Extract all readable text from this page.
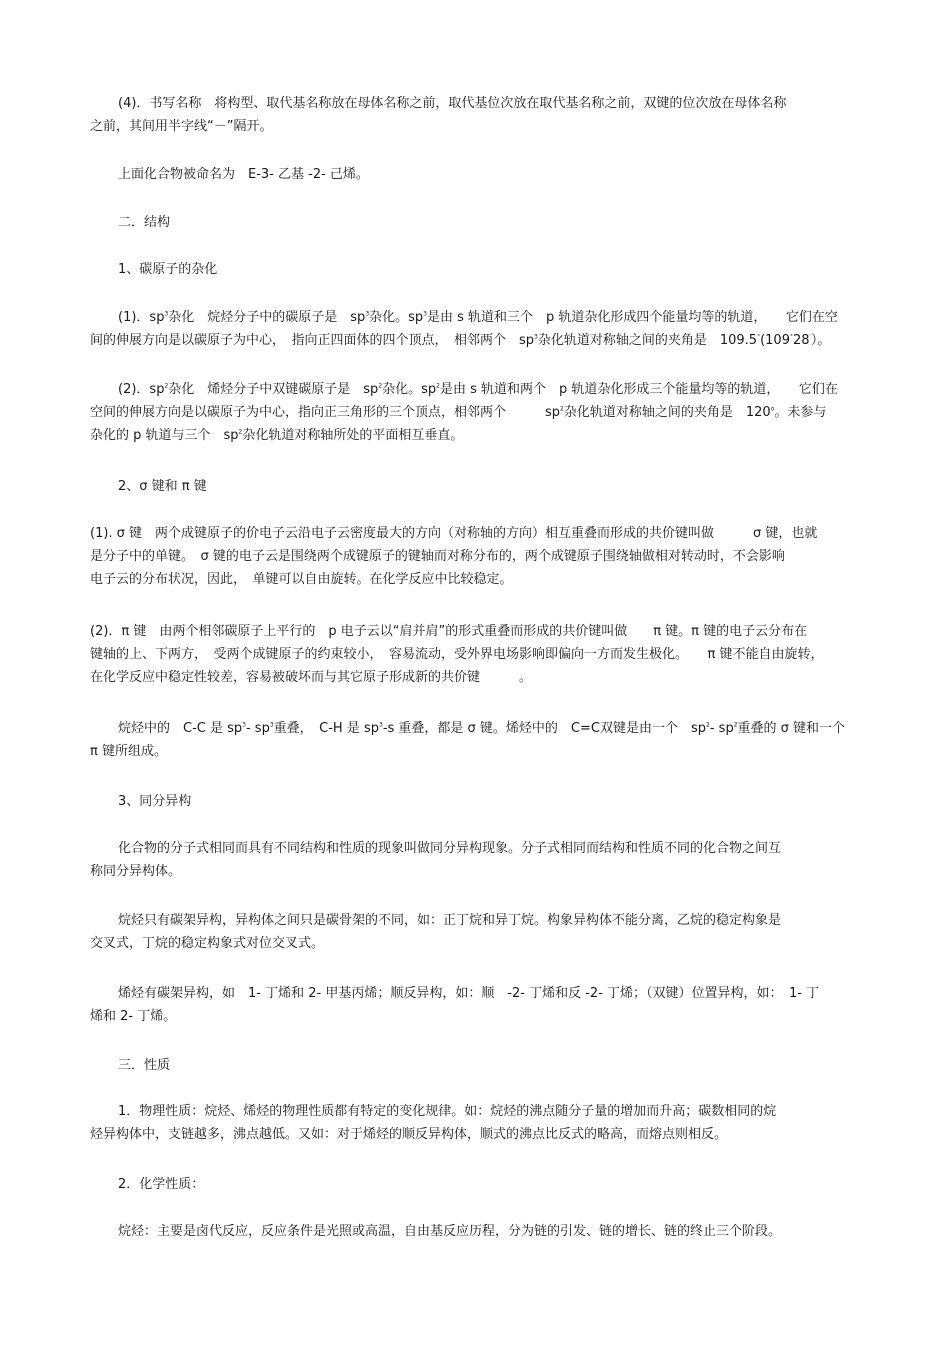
(4)．书写名称　将构型、取代基名称放在母体名称之前，取代基位次放在取代基名称之前，双键的位次放在母体名称
之前，其间用半字线“－”隔开。
上面化合物被命名为　E-3- 乙基 -2- 己烯。
二．结构
1、碳原子的杂化
(1)．$sp^3$杂化　烷烃分子中的碳原子是　$sp^3$杂化。$sp^3$是由 s 轨道和三个　p 轨道杂化形成四个能量均等的轨道，　　它们在空
间的伸展方向是以碳原子为中心，　指向正四面体的四个顶点，　相邻两个　$sp^3$杂化轨道对称轴之间的夹角是　109.5°(109°28′）。
(2)．$sp^2$杂化　烯烃分子中双键碳原子是　$sp^2$杂化。$sp^2$是由 s 轨道和两个　p 轨道杂化形成三个能量均等的轨道，　　它们在
空间的伸展方向是以碳原子为中心，指向正三角形的三个顶点，相邻两个　　　$sp^2$杂化轨道对称轴之间的夹角是　120$^o$。未参与
杂化的 p 轨道与三个　$sp^2$杂化轨道对称轴所处的平面相互垂直。
2、σ 键和 π 键
(1). σ 键　两个成键原子的价电子云沿电子云密度最大的方向（对称轴的方向）相互重叠而形成的共价键叫做　　　σ 键，也就
是分子中的单键。　σ 键的电子云是围绕两个成键原子的键轴而对称分布的，两个成键原子围绕轴做相对转动时，不会影响
电子云的分布状况，因此，　单键可以自由旋转。在化学反应中比较稳定。
(2)．π 键　由两个相邻碳原子上平行的　p 电子云以“肩并肩”的形式重叠而形成的共价键叫做　　π 键。π 键的电子云分布在
键轴的上、下两方，　受两个成键原子的约束较小，　容易流动，受外界电场影响即偏向一方而发生极化。　　π 键不能自由旋转，
在化学反应中稳定性较差，容易被破坏而与其它原子形成新的共价键　　　。
烷烃中的　C-C 是 $sp^3-$ $sp^3$重叠，　C-H 是 $sp^3-s$ 重叠，都是 σ 键。烯烃中的　C=C双键是由一个　$sp^2-$ $sp^2$重叠的 σ 键和一个
π 键所组成。
3、同分异构
化合物的分子式相同而具有不同结构和性质的现象叫做同分异构现象。分子式相同而结构和性质不同的化合物之间互
称同分异构体。
烷烃只有碳架异构，异构体之间只是碳骨架的不同，如：正丁烷和异丁烷。构象异构体不能分离，乙烷的稳定构象是
交叉式，丁烷的稳定构象式对位交叉式。
烯烃有碳架异构，如　1- 丁烯和 2- 甲基丙烯；顺反异构，如：顺　-2- 丁烯和反 -2- 丁烯；（双键）位置异构，如：　1- 丁
烯和 2- 丁烯。
三．性质
1．物理性质：烷烃、烯烃的物理性质都有特定的变化规律。如：烷烃的沸点随分子量的增加而升高；碳数相同的烷
烃异构体中，支链越多，沸点越低。又如：对于烯烃的顺反异构体，顺式的沸点比反式的略高，而熔点则相反。
2．化学性质：
烷烃：主要是卤代反应，反应条件是光照或高温，自由基反应历程，分为链的引发、链的增长、链的终止三个阶段。
